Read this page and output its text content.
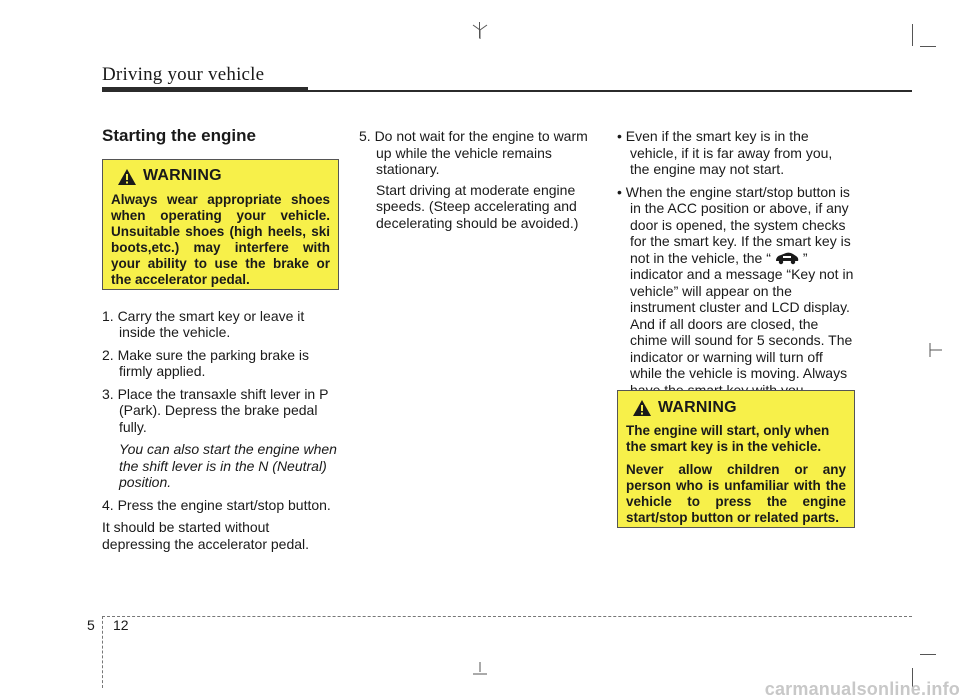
Driving your vehicle
Starting the engine
WARNING
Always wear appropriate shoes when operating your vehicle. Unsuitable shoes (high heels, ski boots,etc.) may interfere with your ability to use the brake or the accelerator pedal.
1. Carry the smart key or leave it inside the vehicle.
2. Make sure the parking brake is firmly applied.
3. Place the transaxle shift lever in P (Park). Depress the brake pedal fully.
You can also start the engine when the shift lever is in the N (Neutral) position.
4. Press the engine start/stop button.
It should be started without depressing the accelerator pedal.
5. Do not wait for the engine to warm up while the vehicle remains stationary.
Start driving at moderate engine speeds. (Steep accelerating and decelerating should be avoided.)
• Even if the smart key is in the vehicle, if it is far away from you, the engine may not start.
• When the engine start/stop button is in the ACC position or above, if any door is opened, the system checks for the smart key. If the smart key is not in the vehicle, the “ ” indicator and a message “Key not in vehicle” will appear on the instrument cluster and LCD display. And if all doors are closed, the chime will sound for 5 seconds. The indicator or warning will turn off while the vehicle is moving. Always
WARNING
The engine will start, only when the smart key is in the vehicle.
Never allow children or any person who is unfamiliar with the vehicle to press the engine start/stop button or related parts.
5 12
carmanualsonline.info
